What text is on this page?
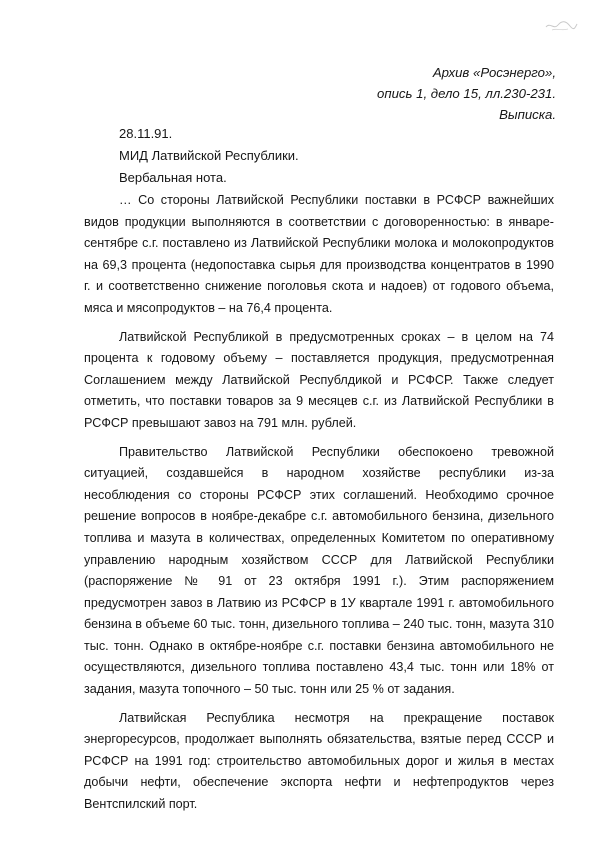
Архив «Росэнерго»,
опись 1, дело 15, лл.230-231.
Выписка.
28.11.91.
МИД Латвийской Республики.
Вербальная нота.

… Со стороны Латвийской Республики поставки в РСФСР важнейших видов продукции выполняются в соответствии с договоренностью: в январе-сентябре с.г. поставлено из Латвийской Республики молока и молокопродуктов на 69,3 процента (недопоставка сырья для производства концентратов в 1990 г. и соответственно снижение поголовья скота и надоев) от годового объема, мяса и мясопродуктов – на 76,4 процента.

Латвийской Республикой в предусмотренных сроках – в целом на 74 процента к годовому объему – поставляется продукция, предусмотренная Соглашением между Латвийской Республдикой и РСФСР. Также следует отметить, что поставки товаров за 9 месяцев с.г. из Латвийской Республики в РСФСР превышают завоз на 791 млн. рублей.

Правительство Латвийской Республики обеспокоено тревожной ситуацией, создавшейся в народном хозяйстве республики из-за несоблюдения со стороны РСФСР этих соглашений. Необходимо срочное решение вопросов в ноябре-декабре с.г. автомобильного бензина, дизельного топлива и мазута в количествах, определенных Комитетом по оперативному управлению народным хозяйством СССР для Латвийской Республики (распоряжение № 91 от 23 октября 1991 г.). Этим распоряжением предусмотрен завоз в Латвию из РСФСР в 1У квартале 1991 г. автомобильного бензина в объеме 60 тыс. тонн, дизельного топлива – 240 тыс. тонн, мазута 310 тыс. тонн. Однако в октябре-ноябре с.г. поставки бензина автомобильного не осуществляются, дизельного топлива поставлено 43,4 тыс. тонн или 18% от задания, мазута топочного – 50 тыс. тонн или 25 % от задания.

Латвийская Республика несмотря на прекращение поставок энергоресурсов, продолжает выполнять обязательства, взятые перед СССР и РСФСР на 1991 год: строительство автомобильных дорог и жилья в местах добычи нефти, обеспечение экспорта нефти и нефтепродуктов через Вентспилский порт.
